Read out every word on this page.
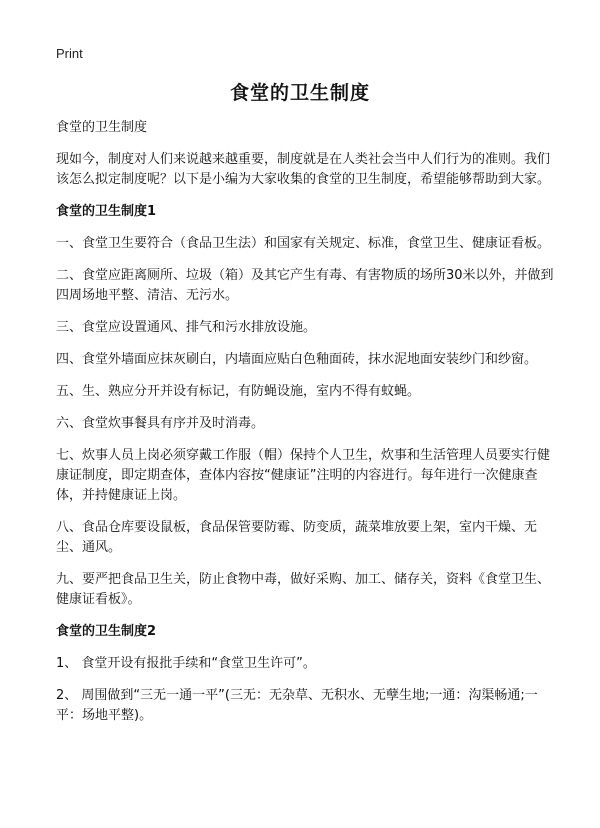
Print
食堂的卫生制度

食堂的卫生制度

现如今，制度对人们来说越来越重要，制度就是在人类社会当中人们行为的准则。我们该怎么拟定制度呢？以下是小编为大家收集的食堂的卫生制度，希望能够帮助到大家。

食堂的卫生制度1

一、食堂卫生要符合（食品卫生法）和国家有关规定、标准，食堂卫生、健康证看板。

二、食堂应距离厕所、垃圾（箱）及其它产生有毒、有害物质的场所30米以外，并做到四周场地平整、清洁、无污水。

三、食堂应设置通风、排气和污水排放设施。

四、食堂外墙面应抹灰刷白，内墙面应贴白色釉面砖，抹水泥地面安装纱门和纱窗。

五、生、熟应分开并设有标记，有防蝇设施，室内不得有蚊蝇。

六、食堂炊事餐具有序并及时消毒。

七、炊事人员上岗必须穿戴工作服（帽）保持个人卫生，炊事和生活管理人员要实行健康证制度，即定期查体，查体内容按“健康证”注明的内容进行。每年进行一次健康查体，并持健康证上岗。

八、食品仓库要设鼠板，食品保管要防霉、防变质，蔬菜堆放要上架，室内干燥、无尘、通风。

九、要严把食品卫生关，防止食物中毒，做好采购、加工、储存关，资料《食堂卫生、健康证看板》。

食堂的卫生制度2

1、 食堂开设有报批手续和“食堂卫生许可”。

2、 周围做到“三无一通一平”(三无：无杂草、无积水、无孽生地;一通：沟渠畅通;一平：场地平整)。
